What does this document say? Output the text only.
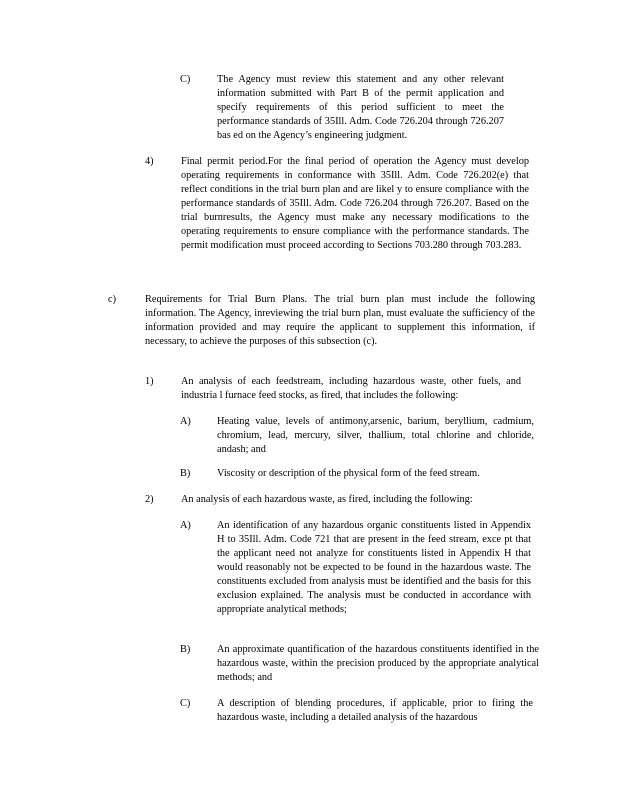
C)	The Agency must review this statement and any other relevant information submitted with Part B of the permit application and specify requirements of this period sufficient to meet the performance standards of 35Ill. Adm. Code 726.204 through 726.207 bas ed on the Agency’s engineering judgment.
4)	Final permit period.For the final period of operation the Agency must develop operating requirements in conformance with 35Ill. Adm. Code 726.202(e) that reflect conditions in the trial burn plan and are likel y to ensure compliance with the performance standards of 35Ill. Adm. Code 726.204 through 726.207. Based on the trial burnresults, the Agency must make any necessary modifications to the operating requirements to ensure compliance with the performance standards. The permit modification must proceed according to Sections 703.280 through 703.283.
c)	Requirements for Trial Burn Plans. The trial burn plan must include the following information. The Agency, inreviewing the trial burn plan, must evaluate the sufficiency of the information provided and may require the applicant to supplement this information, if necessary, to achieve the purposes of this subsection (c).
1)	An analysis of each feedstream, including hazardous waste, other fuels, and industria l furnace feed stocks, as fired, that includes the following:
A)	Heating value, levels of antimony,arsenic, barium, beryllium, cadmium, chromium, lead, mercury, silver, thallium, total chlorine and chloride, andash; and
B)	Viscosity or description of the physical form of the feed stream.
2)	An analysis of each hazardous waste, as fired, including the following:
A)	An identification of any hazardous organic constituents listed in Appendix H to 35Ill. Adm. Code 721 that are present in the feed stream, exce pt that the applicant need not analyze for constituents listed in Appendix H that would reasonably not be expected to be found in the hazardous waste. The constituents excluded from analysis must be identified and the basis for this exclusion explained. The analysis must be conducted in accordance with appropriate analytical methods;
B)	An approximate quantification of the hazardous constituents identified in the hazardous waste, within the precision produced by the appropriate analytical methods; and
C)	A description of blending procedures, if applicable, prior to firing the hazardous waste, including a detailed analysis of the hazardous
